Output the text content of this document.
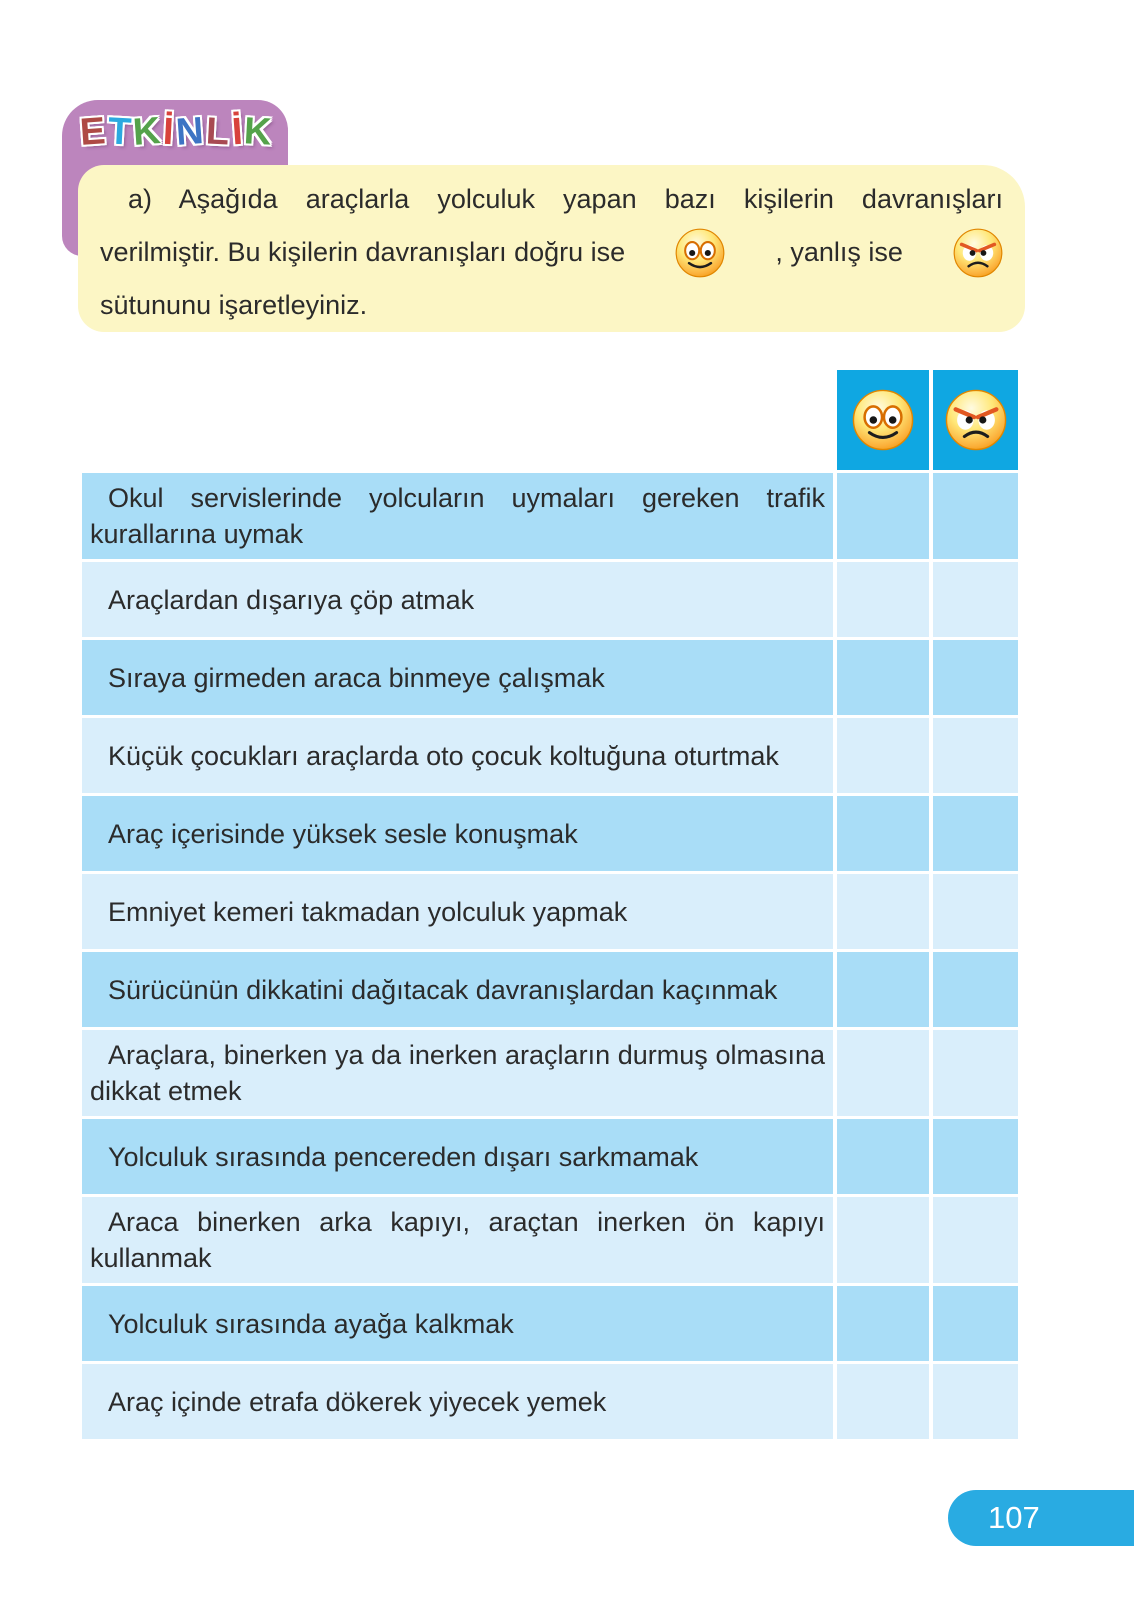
E T K İ N L İ K
a) Aşağıda araçlarla yolculuk yapan bazı kişilerin davranışları
verilmiştir. Bu kişilerin davranışları doğru ise	, yanlış ise
sütununu işaretleyiniz.
Okul servislerinde yolcuların uymaları gereken trafik kurallarına uymak
Araçlardan dışarıya çöp atmak
Sıraya girmeden araca binmeye çalışmak
Küçük çocukları araçlarda oto çocuk koltuğuna oturtmak
Araç içerisinde yüksek sesle konuşmak
Emniyet kemeri takmadan yolculuk yapmak
Sürücünün dikkatini dağıtacak davranışlardan kaçınmak
Araçlara, binerken ya da inerken araçların durmuş olmasına dikkat etmek
Yolculuk sırasında pencereden dışarı sarkmamak
Araca binerken arka kapıyı, araçtan inerken ön kapıyı kullanmak
Yolculuk sırasında ayağa kalkmak
Araç içinde etrafa dökerek yiyecek yemek
107
